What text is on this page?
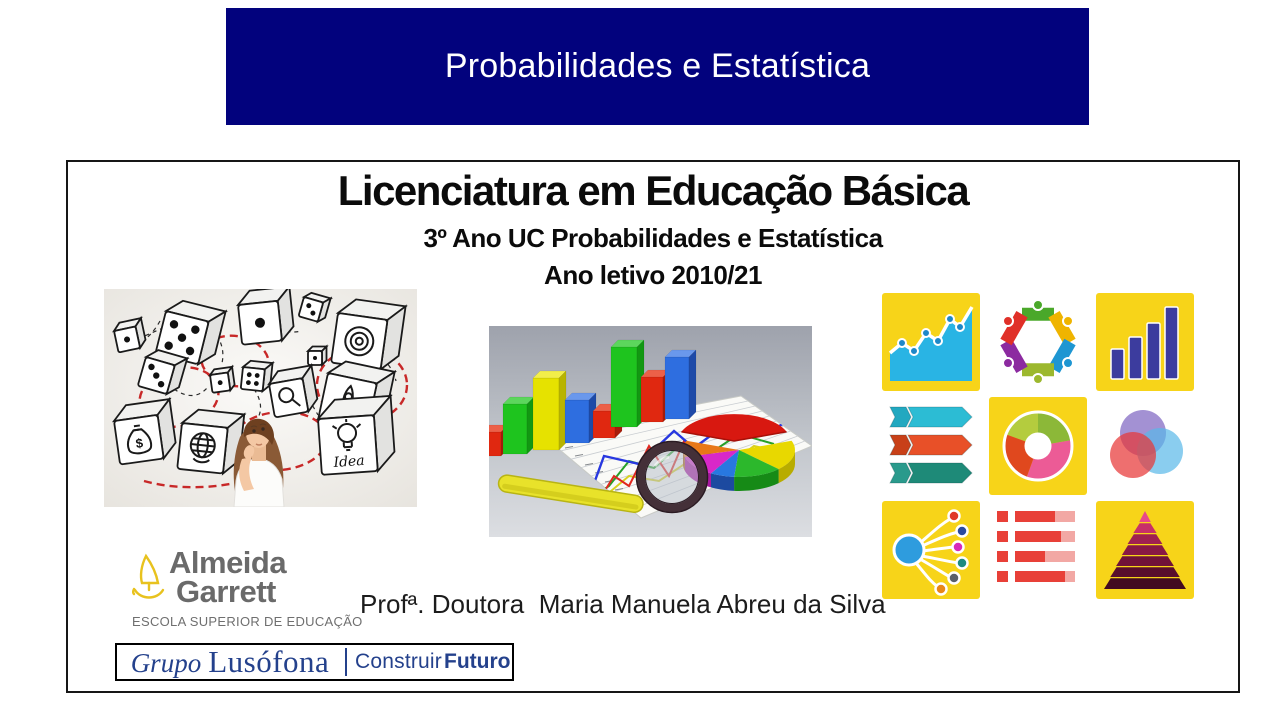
Probabilidades e Estatística
Licenciatura em Educação Básica
3º Ano UC Probabilidades e Estatística
Ano letivo 2010/21
Idea
$
Almeida
Garrett
ESCOLA SUPERIOR DE EDUCAÇÃO
Profª. Doutora  Maria Manuela Abreu da Silva
Grupo Lusófona Construir Futuro
